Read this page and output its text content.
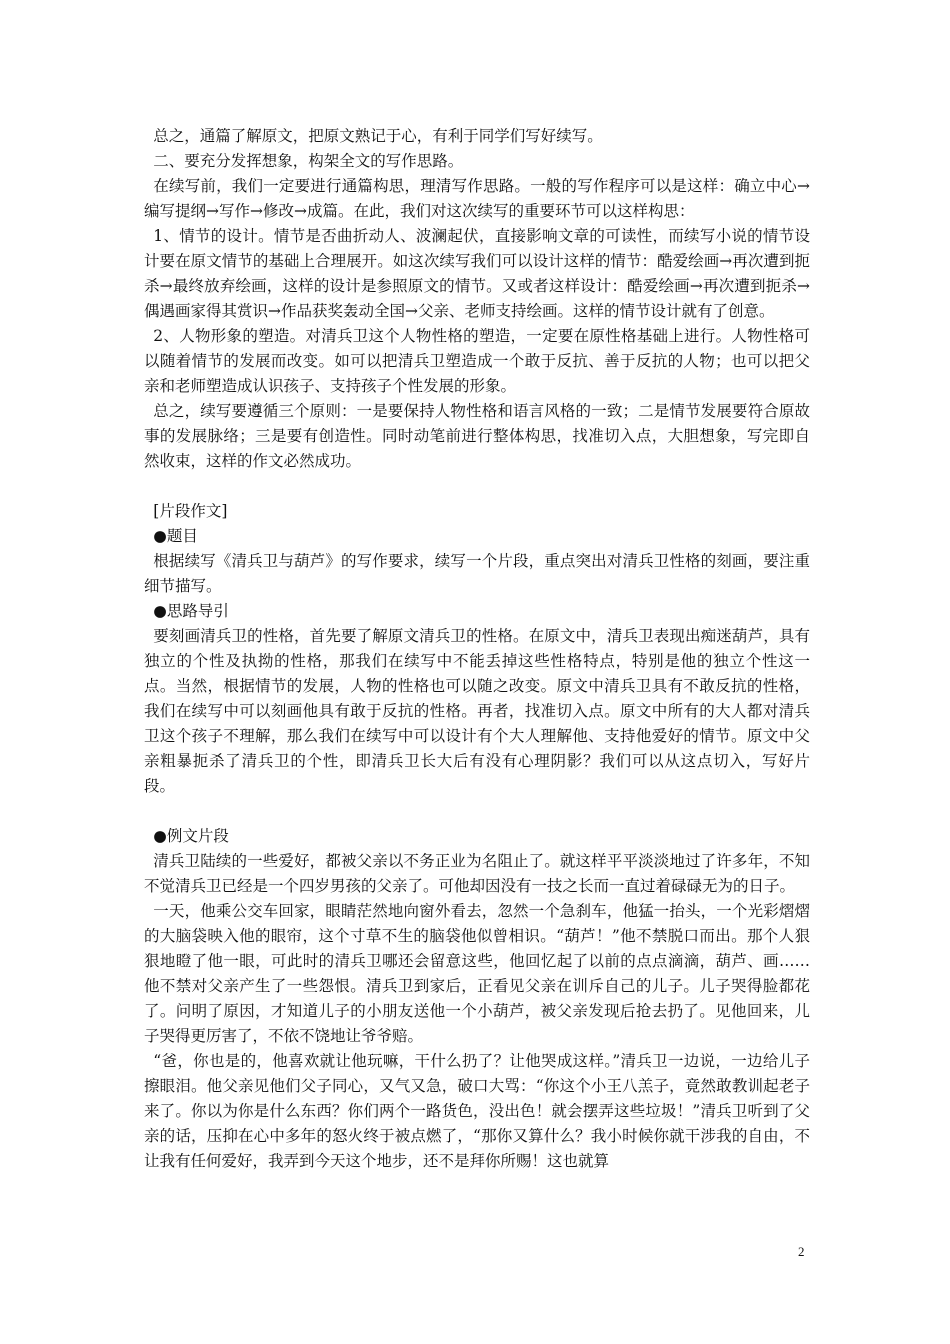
总之，通篇了解原文，把原文熟记于心，有利于同学们写好续写。

二、要充分发挥想象，构架全文的写作思路。

在续写前，我们一定要进行通篇构思，理清写作思路。一般的写作程序可以是这样：确立中心→编写提纲→写作→修改→成篇。在此，我们对这次续写的重要环节可以这样构思：

1、情节的设计。情节是否曲折动人、波澜起伏，直接影响文章的可读性，而续写小说的情节设计要在原文情节的基础上合理展开。如这次续写我们可以设计这样的情节：酷爱绘画→再次遭到扼杀→最终放弃绘画，这样的设计是参照原文的情节。又或者这样设计：酷爱绘画→再次遭到扼杀→偶遇画家得其赏识→作品获奖轰动全国→父亲、老师支持绘画。这样的情节设计就有了创意。

2、人物形象的塑造。对清兵卫这个人物性格的塑造，一定要在原性格基础上进行。人物性格可以随着情节的发展而改变。如可以把清兵卫塑造成一个敢于反抗、善于反抗的人物；也可以把父亲和老师塑造成认识孩子、支持孩子个性发展的形象。

总之，续写要遵循三个原则：一是要保持人物性格和语言风格的一致；二是情节发展要符合原故事的发展脉络；三是要有创造性。同时动笔前进行整体构思，找准切入点，大胆想象，写完即自然收束，这样的作文必然成功。

[片段作文]

●题目

根据续写《清兵卫与葫芦》的写作要求，续写一个片段，重点突出对清兵卫性格的刻画，要注重细节描写。

●思路导引

要刻画清兵卫的性格，首先要了解原文清兵卫的性格。在原文中，清兵卫表现出痴迷葫芦，具有独立的个性及执拗的性格，那我们在续写中不能丢掉这些性格特点，特别是他的独立个性这一点。当然，根据情节的发展，人物的性格也可以随之改变。原文中清兵卫具有不敢反抗的性格，我们在续写中可以刻画他具有敢于反抗的性格。再者，找准切入点。原文中所有的大人都对清兵卫这个孩子不理解，那么我们在续写中可以设计有个大人理解他、支持他爱好的情节。原文中父亲粗暴扼杀了清兵卫的个性，即清兵卫长大后有没有心理阴影？我们可以从这点切入，写好片段。

●例文片段

清兵卫陆续的一些爱好，都被父亲以不务正业为名阻止了。就这样平平淡淡地过了许多年，不知不觉清兵卫已经是一个四岁男孩的父亲了。可他却因没有一技之长而一直过着碌碌无为的日子。

一天，他乘公交车回家，眼睛茫然地向窗外看去，忽然一个急刹车，他猛一抬头，一个光彩熠熠的大脑袋映入他的眼帘，这个寸草不生的脑袋他似曾相识。“葫芦！”他不禁脱口而出。那个人狠狠地瞪了他一眼，可此时的清兵卫哪还会留意这些，他回忆起了以前的点点滴滴，葫芦、画……他不禁对父亲产生了一些怨恨。清兵卫到家后，正看见父亲在训斥自己的儿子。儿子哭得脸都花了。问明了原因，才知道儿子的小朋友送他一个小葫芦，被父亲发现后抢去扔了。见他回来，儿子哭得更厉害了，不依不饶地让爷爷赔。

“爸，你也是的，他喜欢就让他玩嘛，干什么扔了？让他哭成这样。”清兵卫一边说，一边给儿子擦眼泪。他父亲见他们父子同心，又气又急，破口大骂：“你这个小王八羔子，竟然敢教训起老子来了。你以为你是什么东西？你们两个一路货色，没出色！就会摆弄这些垃圾！”清兵卫听到了父亲的话，压抑在心中多年的怒火终于被点燃了，“那你又算什么？我小时候你就干涉我的自由，不让我有任何爱好，我弄到今天这个地步，还不是拜你所赐！这也就算

2
